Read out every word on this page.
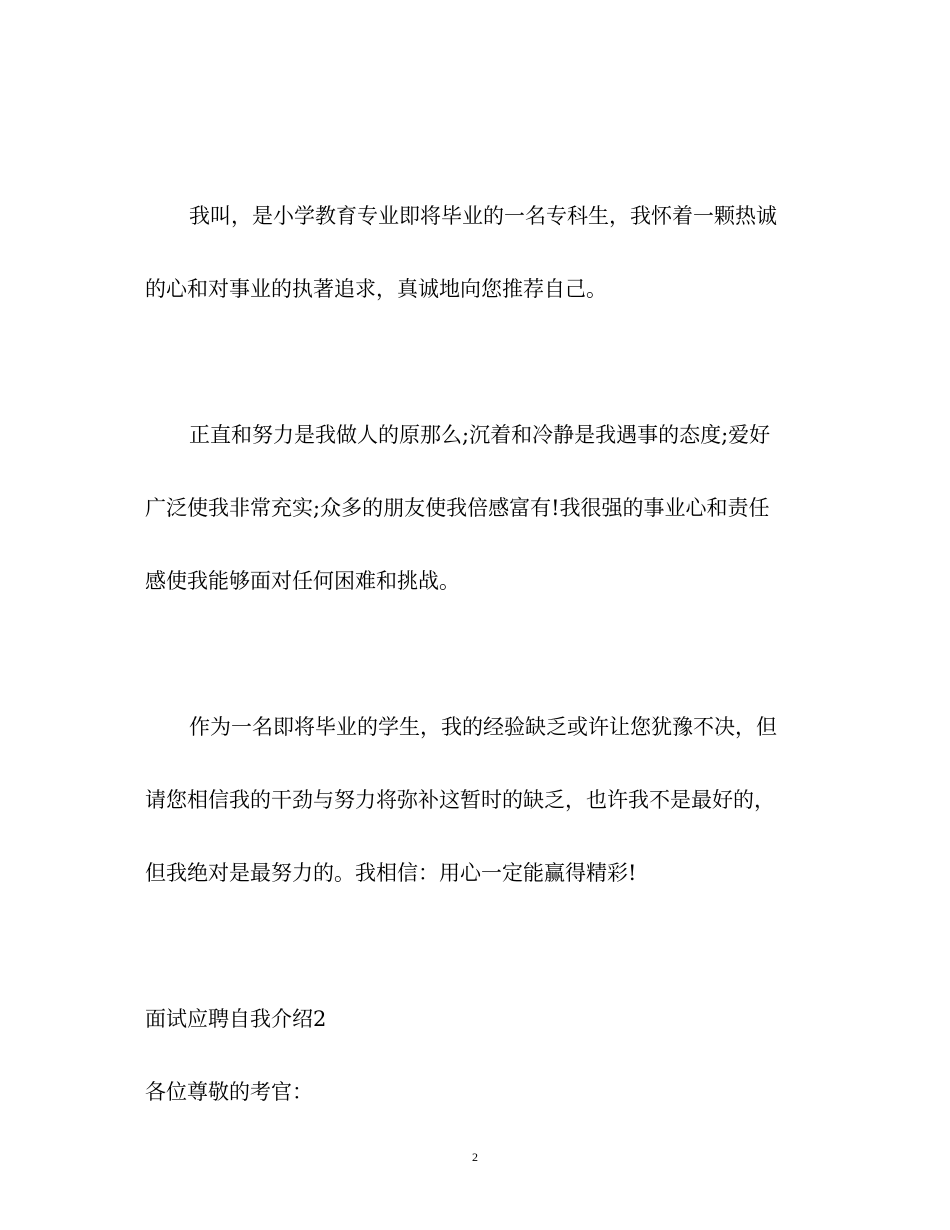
我叫，是小学教育专业即将毕业的一名专科生，我怀着一颗热诚
的心和对事业的执著追求，真诚地向您推荐自己。
正直和努力是我做人的原那么;沉着和冷静是我遇事的态度;爱好
广泛使我非常充实;众多的朋友使我倍感富有!我很强的事业心和责任
感使我能够面对任何困难和挑战。
作为一名即将毕业的学生，我的经验缺乏或许让您犹豫不决，但
请您相信我的干劲与努力将弥补这暂时的缺乏，也许我不是最好的，
但我绝对是最努力的。我相信：用心一定能赢得精彩!
面试应聘自我介绍2
各位尊敬的考官：
2
